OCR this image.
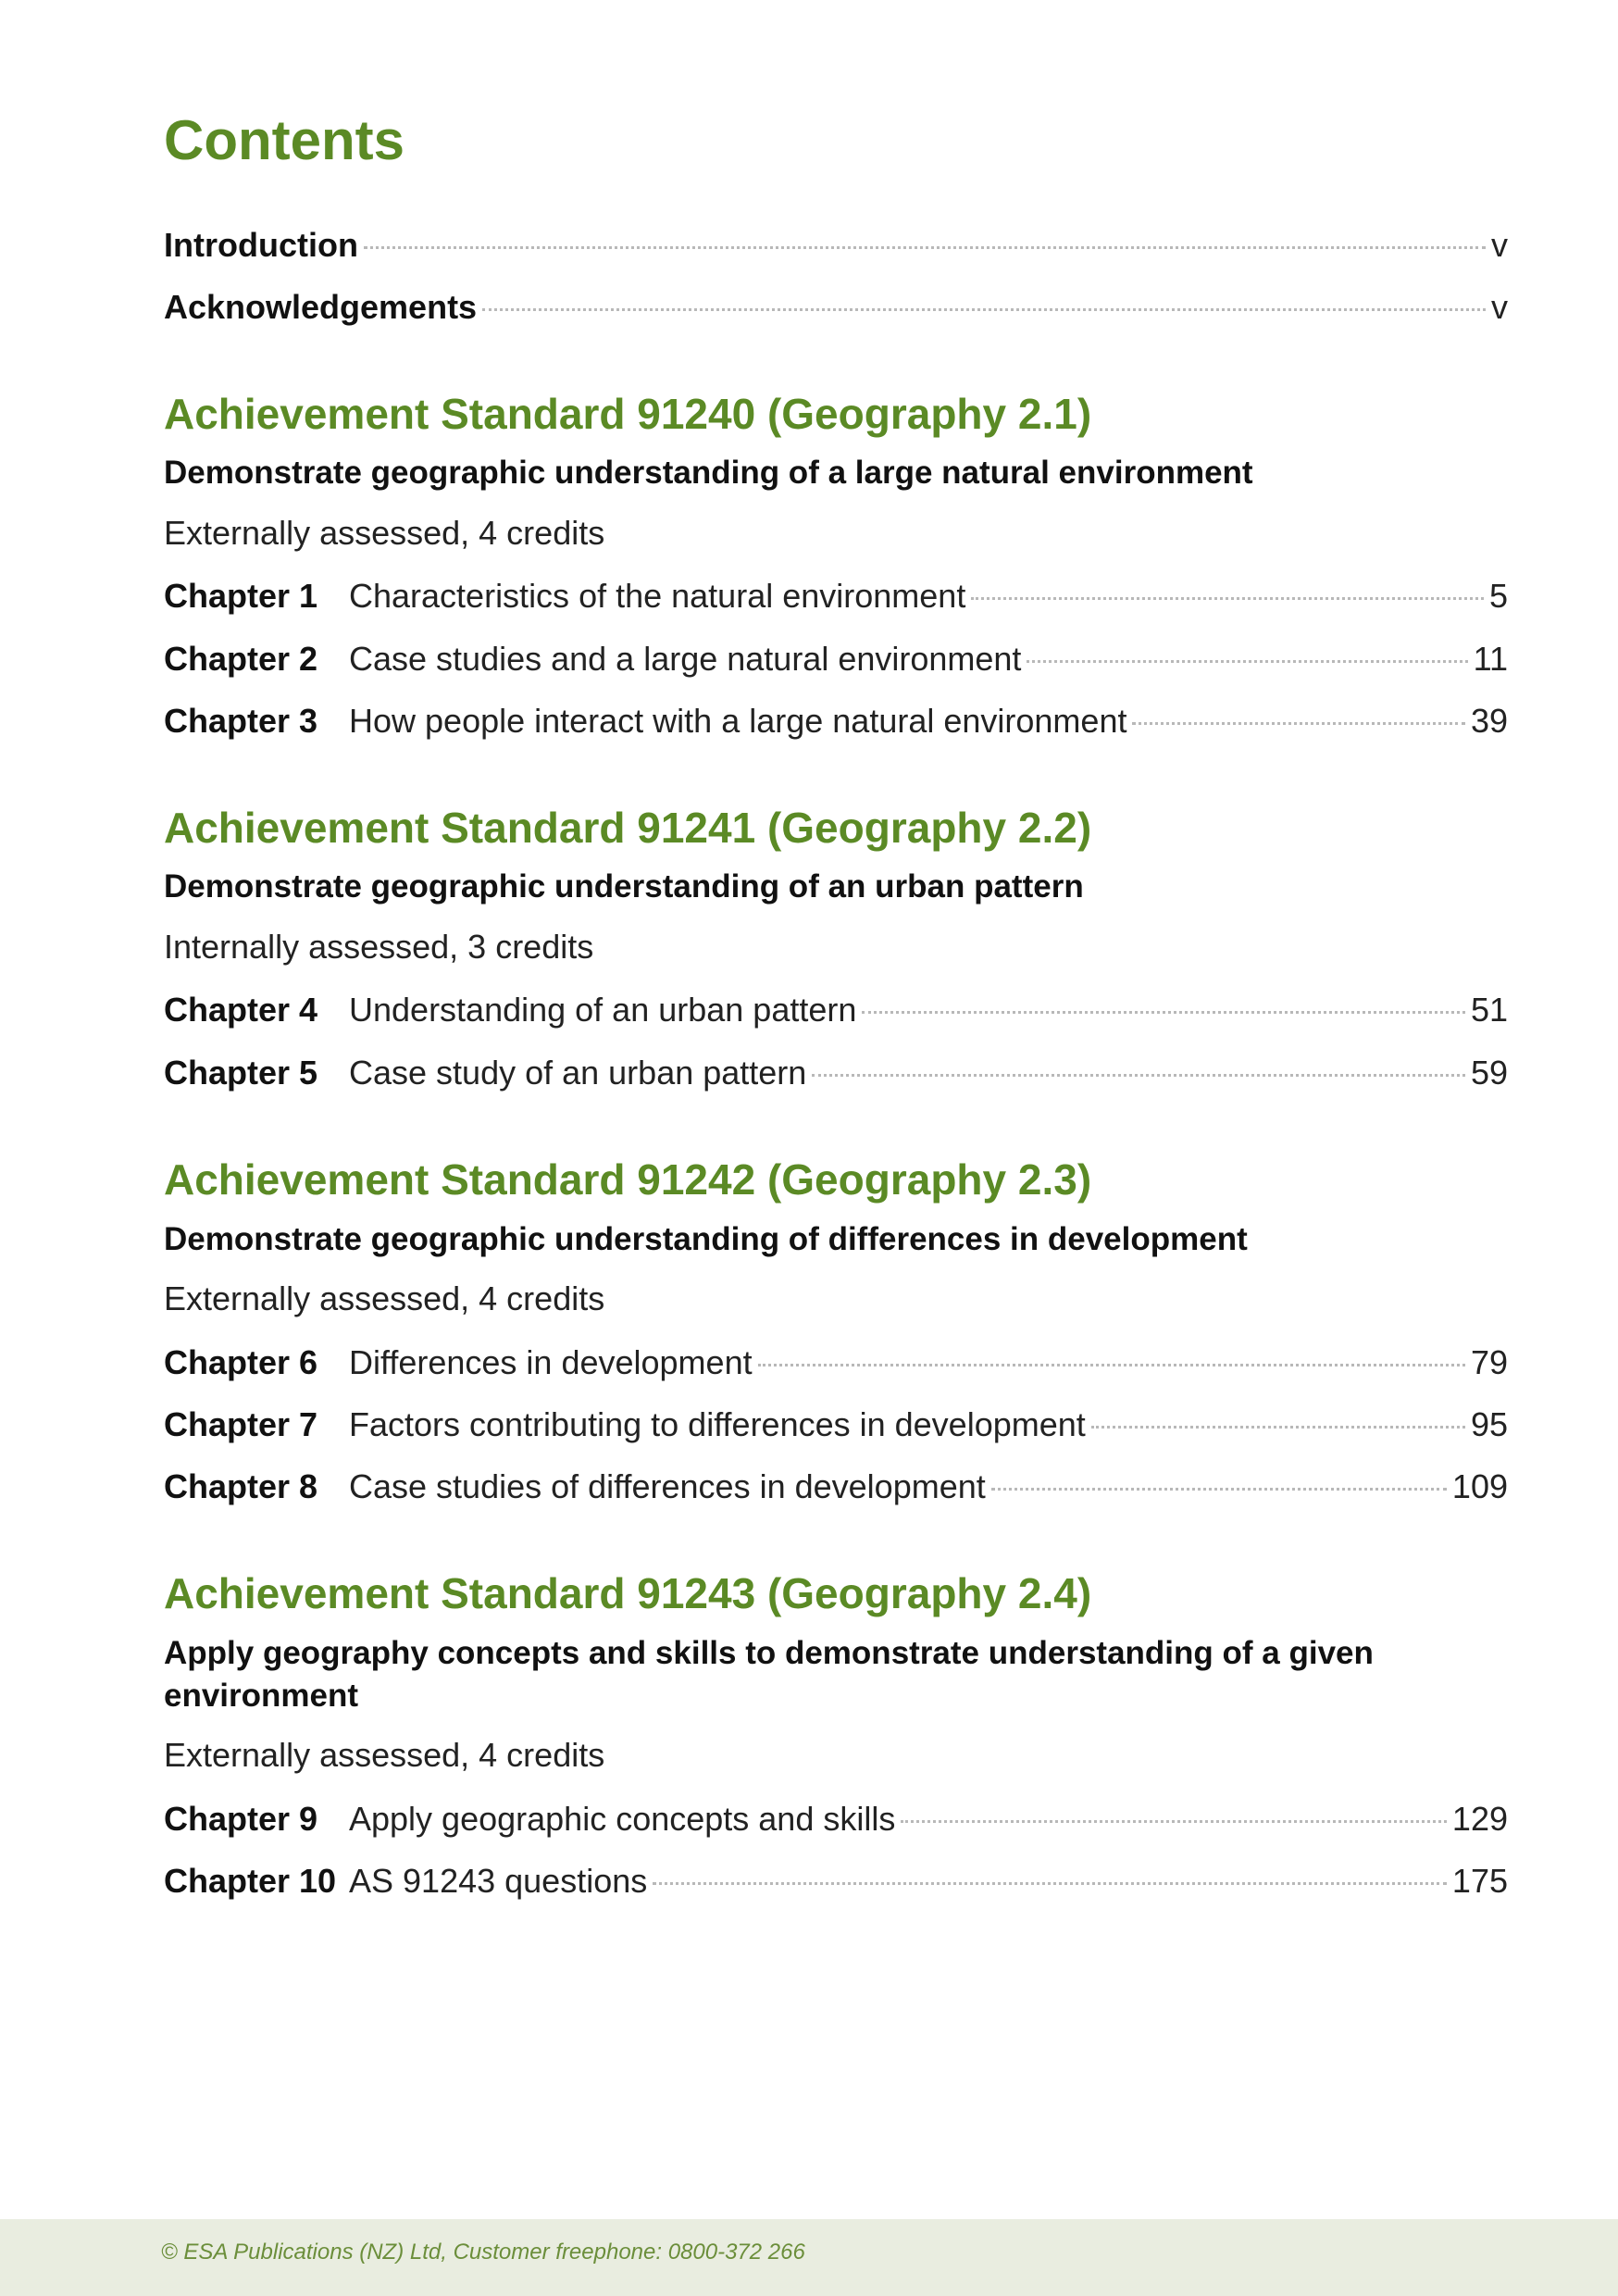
Contents
Introduction	v
Acknowledgements	v
Achievement Standard 91240 (Geography 2.1)
Demonstrate geographic understanding of a large natural environment
Externally assessed, 4 credits
Chapter 1 Characteristics of the natural environment	5
Chapter 2 Case studies and a large natural environment	11
Chapter 3 How people interact with a large natural environment	39
Achievement Standard 91241 (Geography 2.2)
Demonstrate geographic understanding of an urban pattern
Internally assessed, 3 credits
Chapter 4 Understanding of an urban pattern	51
Chapter 5 Case study of an urban pattern	59
Achievement Standard 91242 (Geography 2.3)
Demonstrate geographic understanding of differences in development
Externally assessed, 4 credits
Chapter 6 Differences in development	79
Chapter 7 Factors contributing to differences in development	95
Chapter 8 Case studies of differences in development	109
Achievement Standard 91243 (Geography 2.4)
Apply geography concepts and skills to demonstrate understanding of a given environment
Externally assessed, 4 credits
Chapter 9 Apply geographic concepts and skills	129
Chapter 10 AS 91243 questions	175
© ESA Publications (NZ) Ltd, Customer freephone: 0800-372 266
